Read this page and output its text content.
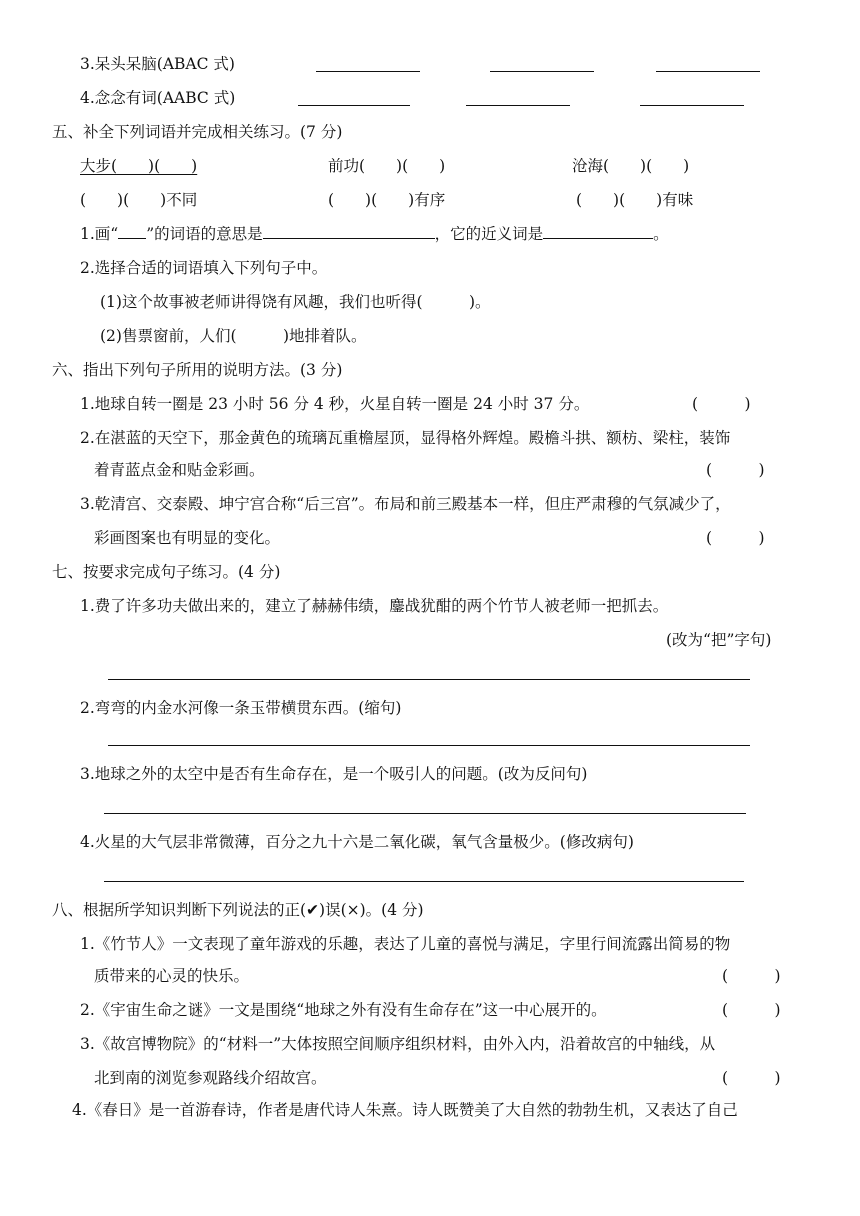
3.呆头呆脑(ABAC 式)
4.念念有词(AABC 式)
五、补全下列词语并完成相关练习。(7 分)
大步(　　)(　　)	前功(　　)(　　)	沧海(　　)(　　)
(　　)(　　)不同	(　　)(　　)有序	(　　)(　　)有味
1.画“ ”的词语的意思是	，它的近义词是	。
2.选择合适的词语填入下列句子中。
(1)这个故事被老师讲得饶有风趣，我们也听得(　　　)。
(2)售票窗前，人们(　　　)地排着队。
六、指出下列句子所用的说明方法。(3 分)
1.地球自转一圈是 23 小时 56 分 4 秒，火星自转一圈是 24 小时 37 分。	(　　　)
2.在湛蓝的天空下，那金黄色的琉璃瓦重檐屋顶，显得格外辉煌。殿檐斗拱、额枋、梁柱，装饰
着青蓝点金和贴金彩画。	(　　　)
3.乾清宫、交泰殿、坤宁宫合称“后三宫”。布局和前三殿基本一样，但庄严肃穆的气氛减少了，
彩画图案也有明显的变化。	(　　　)
七、按要求完成句子练习。(4 分)
1.费了许多功夫做出来的，建立了赫赫伟绩，鏖战犹酣的两个竹节人被老师一把抓去。
(改为“把”字句)
2.弯弯的内金水河像一条玉带横贯东西。(缩句)
3.地球之外的太空中是否有生命存在，是一个吸引人的问题。(改为反问句)
4.火星的大气层非常微薄，百分之九十六是二氧化碳，氧气含量极少。(修改病句)
八、根据所学知识判断下列说法的正(✔)误(×)。(4 分)
1.《竹节人》一文表现了童年游戏的乐趣，表达了儿童的喜悦与满足，字里行间流露出简易的物
质带来的心灵的快乐。	(　　　)
2.《宇宙生命之谜》一文是围绕“地球之外有没有生命存在”这一中心展开的。	(　　　)
3.《故宫博物院》的“材料一”大体按照空间顺序组织材料，由外入内，沿着故宫的中轴线，从
北到南的浏览参观路线介绍故宫。	(　　　)
4.《春日》是一首游春诗，作者是唐代诗人朱熹。诗人既赞美了大自然的勃勃生机，又表达了自己
